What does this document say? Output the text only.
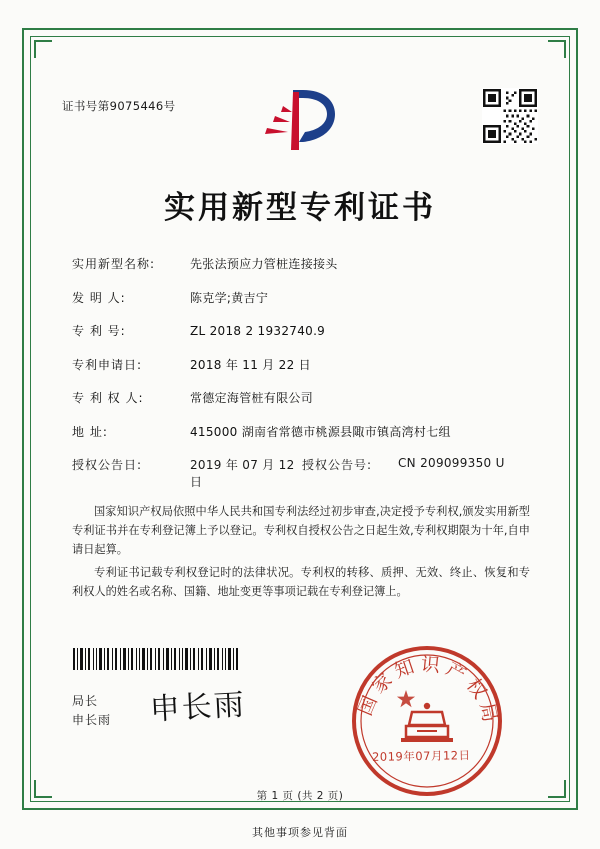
证书号第9075446号
实用新型专利证书
实用新型名称:	先张法预应力管桩连接接头
发 明 人:	陈克学;黄吉宁
专 利 号:	ZL 2018 2 1932740.9
专利申请日:	2018 年 11 月 22 日
专 利 权 人:	常德定海管桩有限公司
地 址:	415000 湖南省常德市桃源县陬市镇高湾村七组
授权公告日:	2019 年 07 月 12 日
授权公告号:	CN 209099350 U

国家知识产权局依照中华人民共和国专利法经过初步审查,决定授予专利权,颁发实用新型专利证书并在专利登记簿上予以登记。专利权自授权公告之日起生效,专利权期限为十年,自申请日起算。

专利证书记载专利权登记时的法律状况。专利权的转移、质押、无效、终止、恢复和专利权人的姓名或名称、国籍、地址变更等事项记载在专利登记簿上。

局长
申长雨 申长雨	国家知识产权局
2019年07月12日
第 1 页 (共 2 页)
其他事项参见背面
